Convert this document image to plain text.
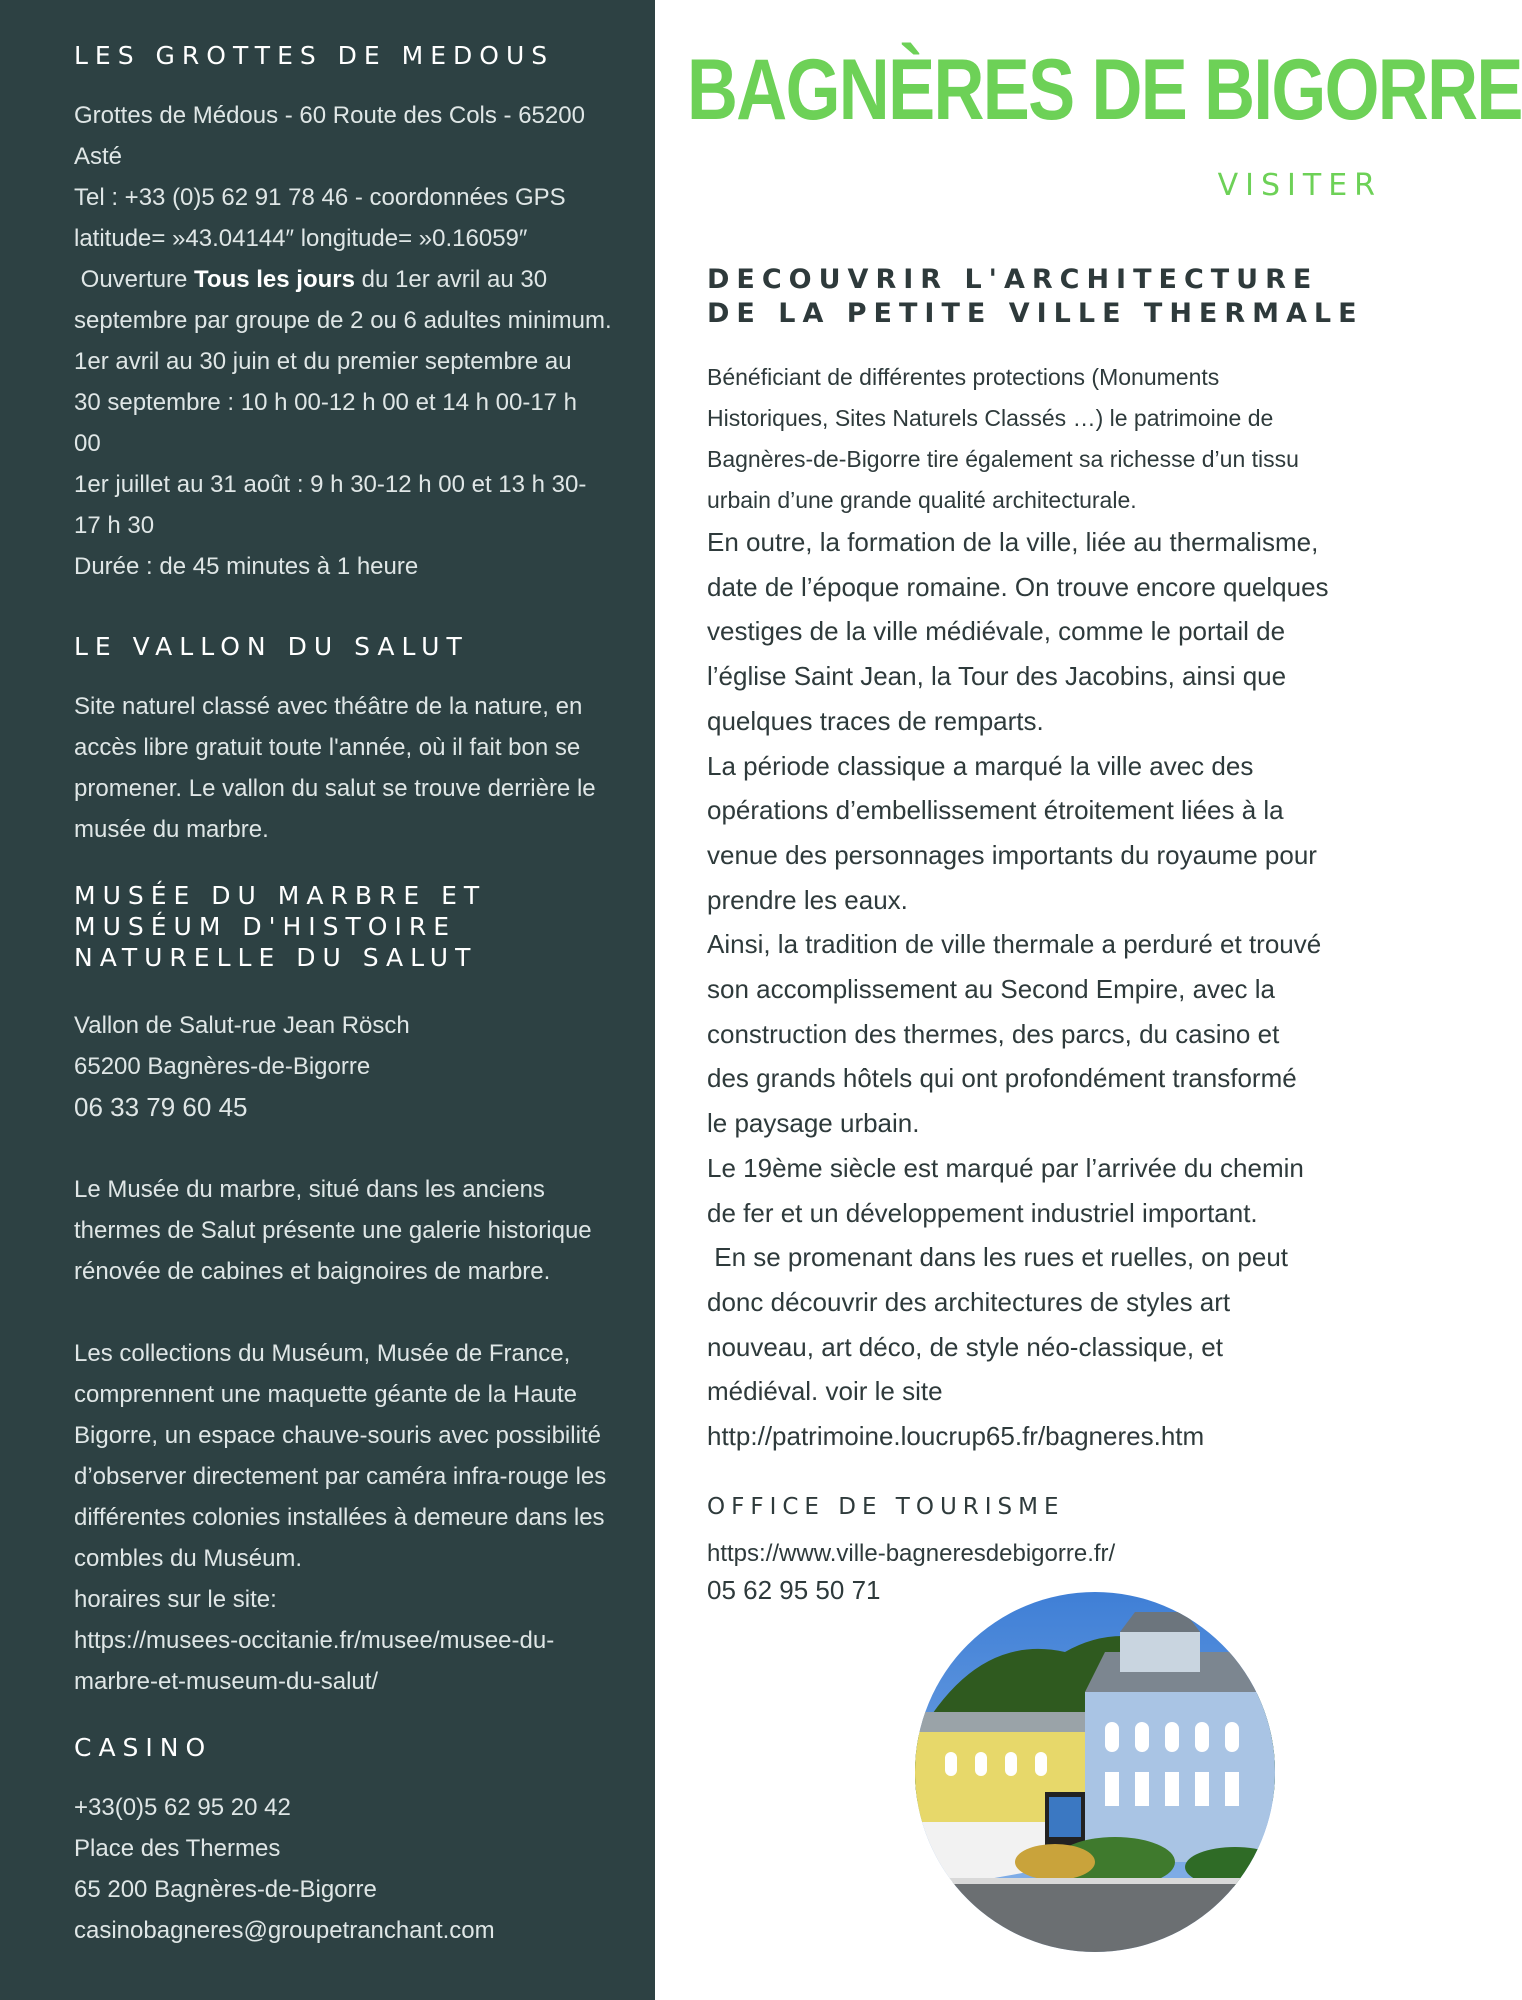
LES GROTTES DE MEDOUS

Grottes de Médous - 60 Route des Cols - 65200

Asté

Tel : +33 (0)5 62 91 78 46 - coordonnées GPS

latitude= »43.04144″ longitude= »0.16059″

Ouverture Tous les jours du 1er avril au 30

septembre par groupe de 2 ou 6 adultes minimum.

1er avril au 30 juin et du premier septembre au

30 septembre : 10 h 00-12 h 00 et 14 h 00-17 h

00

1er juillet au 31 août : 9 h 30-12 h 00 et 13 h 30-

17 h 30

Durée : de 45 minutes à 1 heure

LE VALLON DU SALUT

Site naturel classé avec théâtre de la nature, en

accès libre gratuit toute l'année, où il fait bon se

promener. Le vallon du salut se trouve derrière le

musée du marbre.

MUSÉE DU MARBRE ET
MUSÉUM D'HISTOIRE
NATURELLE DU SALUT

Vallon de Salut-rue Jean Rösch

65200 Bagnères-de-Bigorre

06 33 79 60 45

Le Musée du marbre, situé dans les anciens

thermes de Salut présente une galerie historique

rénovée de cabines et baignoires de marbre.

Les collections du Muséum, Musée de France,

comprennent une maquette géante de la Haute

Bigorre, un espace chauve-souris avec possibilité

d’observer directement par caméra infra-rouge les

différentes colonies installées à demeure dans les

combles du Muséum.

horaires sur le site:

https://musees-occitanie.fr/musee/musee-du-

marbre-et-museum-du-salut/

CASINO

+33(0)5 62 95 20 42

Place des Thermes

65 200 Bagnères-de-Bigorre

casinobagneres@groupetranchant.com

BAGNÈRES DE BIGORRE
VISITER
DECOUVRIR L'ARCHITECTURE
DE LA PETITE VILLE THERMALE
Bénéficiant de différentes protections (Monuments
Historiques, Sites Naturels Classés …) le patrimoine de
Bagnères-de-Bigorre tire également sa richesse d’un tissu
urbain d’une grande qualité architecturale.

En outre, la formation de la ville, liée au thermalisme,

date de l’époque romaine. On trouve encore quelques

vestiges de la ville médiévale, comme le portail de

l’église Saint Jean, la Tour des Jacobins, ainsi que

quelques traces de remparts.

La période classique a marqué la ville avec des

opérations d’embellissement étroitement liées à la

venue des personnages importants du royaume pour

prendre les eaux.

Ainsi, la tradition de ville thermale a perduré et trouvé

son accomplissement au Second Empire, avec la

construction des thermes, des parcs, du casino et

des grands hôtels qui ont profondément transformé

le paysage urbain.

Le 19ème siècle est marqué par l’arrivée du chemin

de fer et un développement industriel important.

En se promenant dans les rues et ruelles, on peut

donc découvrir des architectures de styles art

nouveau, art déco, de style néo-classique, et

médiéval. voir le site

http://patrimoine.loucrup65.fr/bagneres.htm

OFFICE DE TOURISME
https://www.ville-bagneresdebigorre.fr/
05 62 95 50 71
